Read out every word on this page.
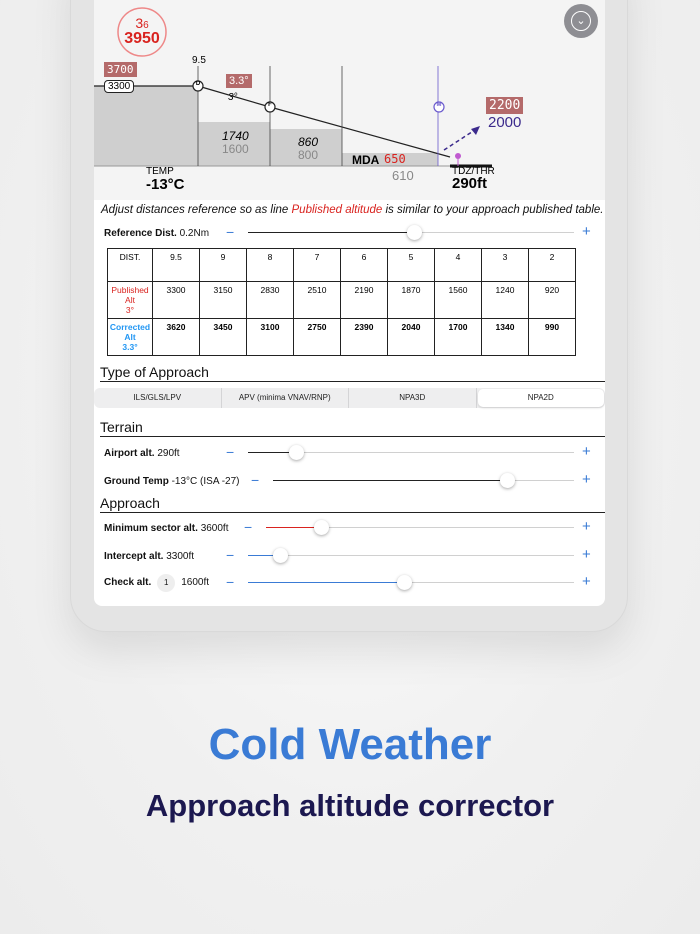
36
3950
3700
3300
9.5
D
F	M
3.3°
3°
1740
1600	860
800	MDA 650
610
2200
2000
TEMP
-13°C
TDZ/THR
290ft
⌄
Adjust distances reference so as line Published altitude is similar to your approach published table.
Reference Dist. 0.2Nm −	+
DIST.	9.5	9	8	7	6	5	4	3	2

Published
Alt
3°	3300	3150	2830	2510	2190	1870	1560	1240	920

Corrected
Alt
3.3°	3620	3450	3100	2750	2390	2040	1700	1340	990
Type of Approach
ILS/GLS/LPV	APV (minima VNAV/RNP)	NPA3D	NPA2D
Terrain
Airport alt. 290ft	−	+
Ground Temp -13°C (ISA -27) −	+
Approach
Minimum sector alt. 3600ft −	+
Intercept alt. 3300ft −	+
Check alt. 1 1600ft −	+
Cold Weather
Approach altitude corrector
